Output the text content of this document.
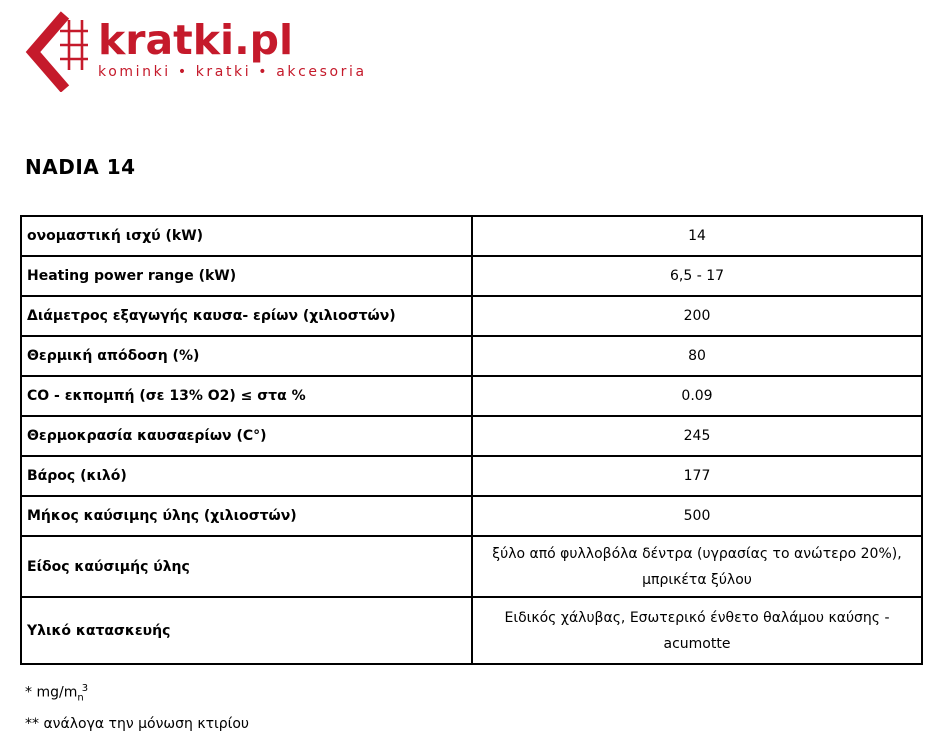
kratki.pl
kominki • kratki • akcesoria
NADIA 14
ονομαστική ισχύ (kW)	14
Heating power range (kW)	6,5 - 17
Διάμετρος εξαγωγής καυσα- ερίων (χιλιοστών)	200
Θερμική απόδοση (%)	80
CO - εκπομπή (σε 13% O2) ≤ στα %	0.09
Θερμοκρασία καυσαερίων (C°)	245
Βάρος (κιλό)	177
Μήκος καύσιμης ύλης (χιλιοστών)	500
Είδος καύσιμής ύλης	ξύλο από φυλλοβόλα δέντρα (υγρασίας το ανώτερο 20%), μπρικέτα ξύλου
Υλικό κατασκευής	Ειδικός χάλυβας, Εσωτερικό ένθετο θαλάμου καύσης - acumotte
* $mg/m_n^3$
** ανάλογα την μόνωση κτιρίου
